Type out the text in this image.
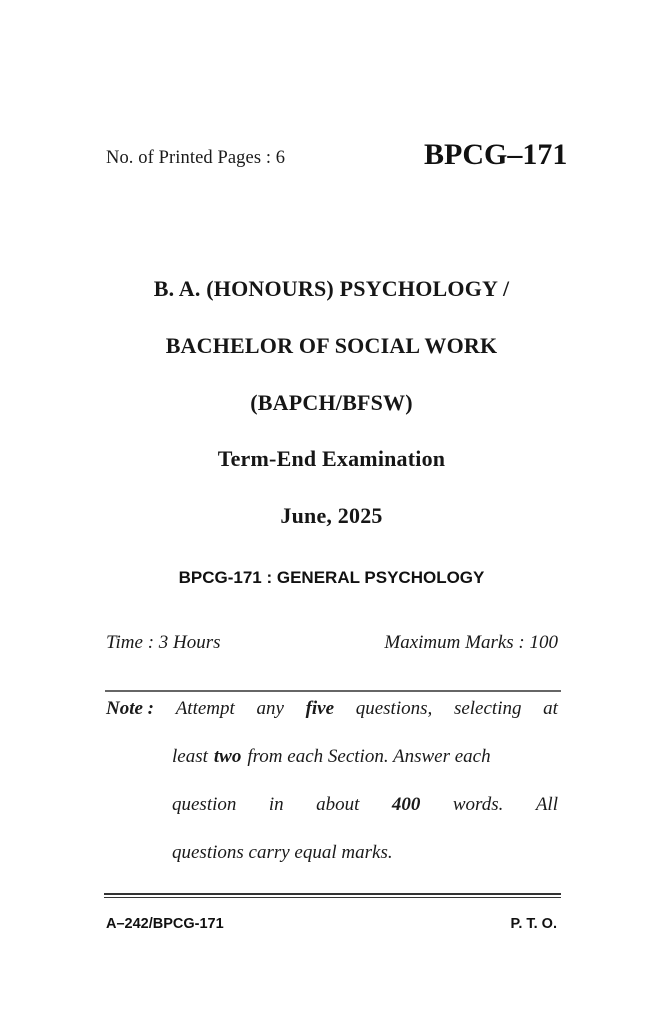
No. of Printed Pages : 6	BPCG–171
B. A. (HONOURS) PSYCHOLOGY /
BACHELOR OF SOCIAL WORK
(BAPCH/BFSW)
Term-End Examination
June, 2025
BPCG-171 : GENERAL PSYCHOLOGY
Time : 3 Hours	Maximum Marks : 100
Note : Attempt any five questions, selecting at
least two from each Section. Answer each
question in about 400 words. All
questions carry equal marks.
A–242/BPCG-171	P. T. O.
